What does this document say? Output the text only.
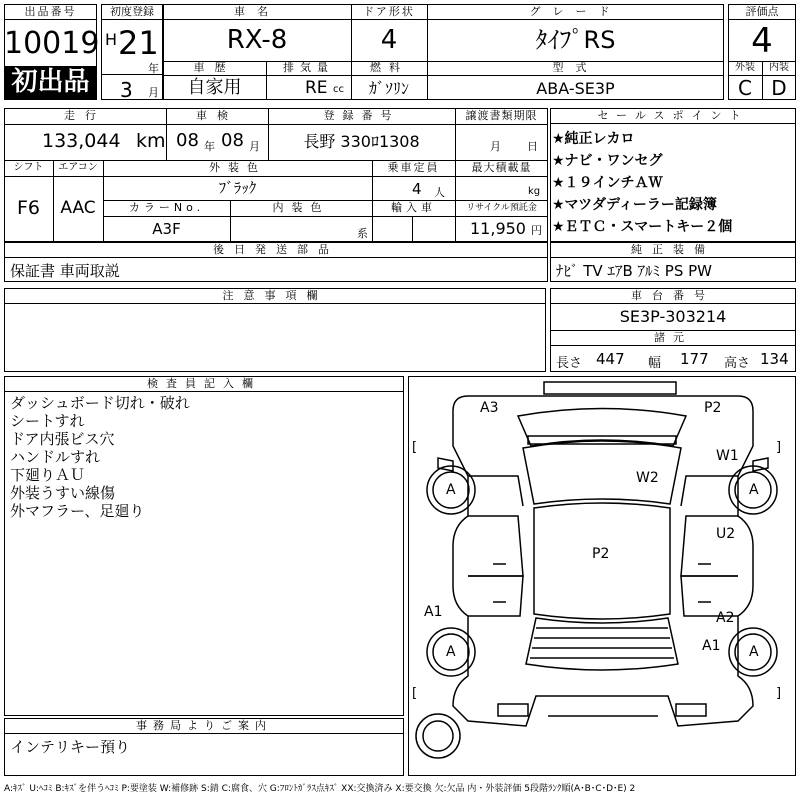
出品番号
10019
初出品
初度登録
H 21
年
3 月
車名
RX-8
ドア形状
4
グレード
ﾀｲﾌﾟRS
車歴
自家用
排気量
RE cc
燃料
ｶﾞｿﾘﾝ
型式
ABA-SE3P
評価点
4
外装	内装
C D
走行
133,044 km
車検
08 年 08 月
登録番号
長野 330ﾛ1308
譲渡書類期限
月 日
シフト
F6
エアコン
AAC
外装色
ﾌﾞﾗｯｸ
乗車定員
4 人
最大積載量
kg
カラーNo.
A3F
内装色
系
輸入車	リサイクル預託金
11,950 円
後日発送部品
保証書 車両取説
セールスポイント
★純正レカロ
★ナビ・ワンセグ
★１９インチＡＷ
★マツダディーラー記録簿
★ＥＴＣ・スマートキー２個
純正装備
ﾅﾋﾞ TV ｴｱB ｱﾙﾐ PS PW
注意事項欄	車台番号
SE3P-303214
諸元
長さ 447 幅 177 高さ 134
検査員記入欄
ダッシュボード切れ・破れ
シートすれ
ドア内張ビス穴
ハンドルすれ
下廻りＡＵ
外装うすい線傷
外マフラー、足廻り
事務局よりご案内
インテリキー預り
A3	P2
W1
W2
U2
P2
A1	A2
A1
A	A
A	A
[	]
[	]
A:ｷｽﾞ U:ﾍｺﾐ B:ｷｽﾞを伴うﾍｺﾐ P:要塗装 W:補修跡 S:錆 C:腐食、穴 G:ﾌﾛﾝﾄｶﾞﾗｽ点ｷｽﾞ XX:交換済み X:要交換 欠:欠品 内・外装評価 5段階ﾗﾝｸ順(A･B･C･D･E) 2
